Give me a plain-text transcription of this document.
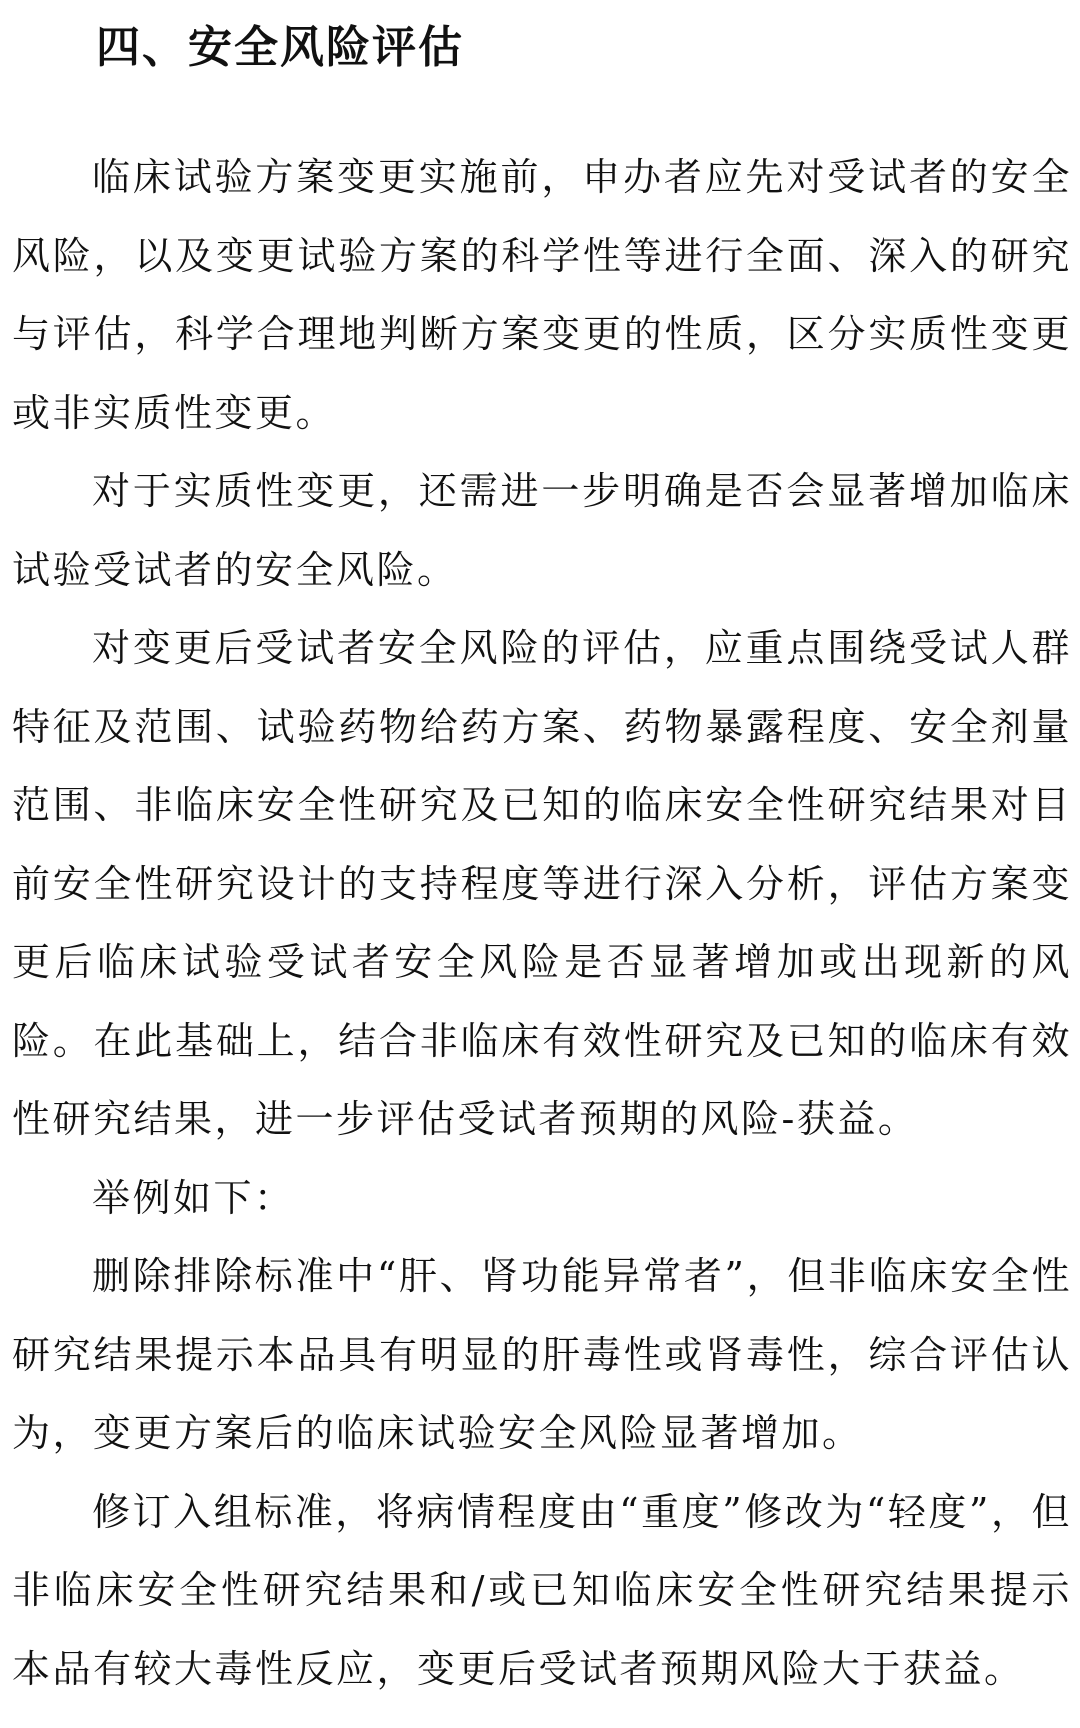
四、安全风险评估

临床试验方案变更实施前，申办者应先对受试者的安全风险，以及变更试验方案的科学性等进行全面、深入的研究与评估，科学合理地判断方案变更的性质，区分实质性变更或非实质性变更。

对于实质性变更，还需进一步明确是否会显著增加临床试验受试者的安全风险。

对变更后受试者安全风险的评估，应重点围绕受试人群特征及范围、试验药物给药方案、药物暴露程度、安全剂量范围、非临床安全性研究及已知的临床安全性研究结果对目前安全性研究设计的支持程度等进行深入分析，评估方案变更后临床试验受试者安全风险是否显著增加或出现新的风险。在此基础上，结合非临床有效性研究及已知的临床有效性研究结果，进一步评估受试者预期的风险-获益。

举例如下：

删除排除标准中“肝、肾功能异常者”，但非临床安全性研究结果提示本品具有明显的肝毒性或肾毒性，综合评估认为，变更方案后的临床试验安全风险显著增加。

修订入组标准，将病情程度由“重度”修改为“轻度”，但非临床安全性研究结果和/或已知临床安全性研究结果提示本品有较大毒性反应，变更后受试者预期风险大于获益。
